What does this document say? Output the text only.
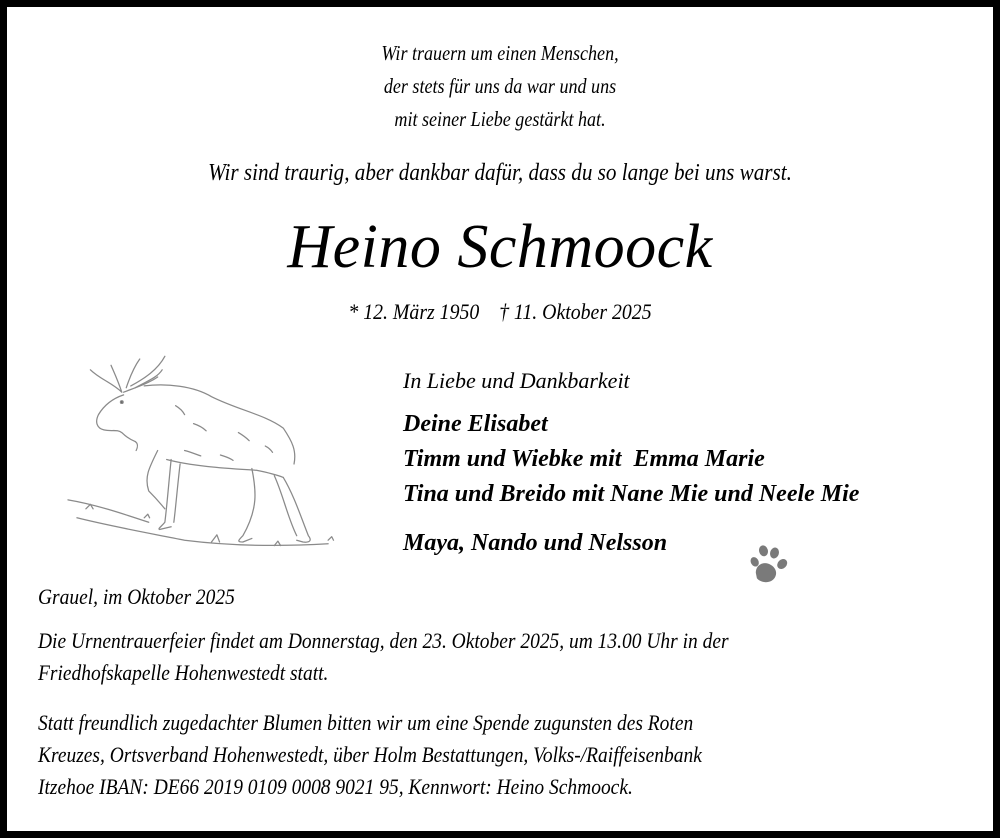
Wir trauern um einen Menschen,
der stets für uns da war und uns
mit seiner Liebe gestärkt hat.
Wir sind traurig, aber dankbar dafür, dass du so lange bei uns warst.
Heino Schmoock
* 12. März 1950 † 11. Oktober 2025
In Liebe und Dankbarkeit
Deine Elisabet
Timm und Wiebke mit  Emma Marie
Tina und Breido mit Nane Mie und Neele Mie
Maya, Nando und Nelsson
Grauel, im Oktober 2025
Die Urnentrauerfeier findet am Donnerstag, den 23. Oktober 2025, um 13.00 Uhr in der
Friedhofskapelle Hohenwestedt statt.
Statt freundlich zugedachter Blumen bitten wir um eine Spende zugunsten des Roten
Kreuzes, Ortsverband Hohenwestedt, über Holm Bestattungen, Volks-/Raiffeisenbank
Itzehoe IBAN: DE66 2019 0109 0008 9021 95, Kennwort: Heino Schmoock.
